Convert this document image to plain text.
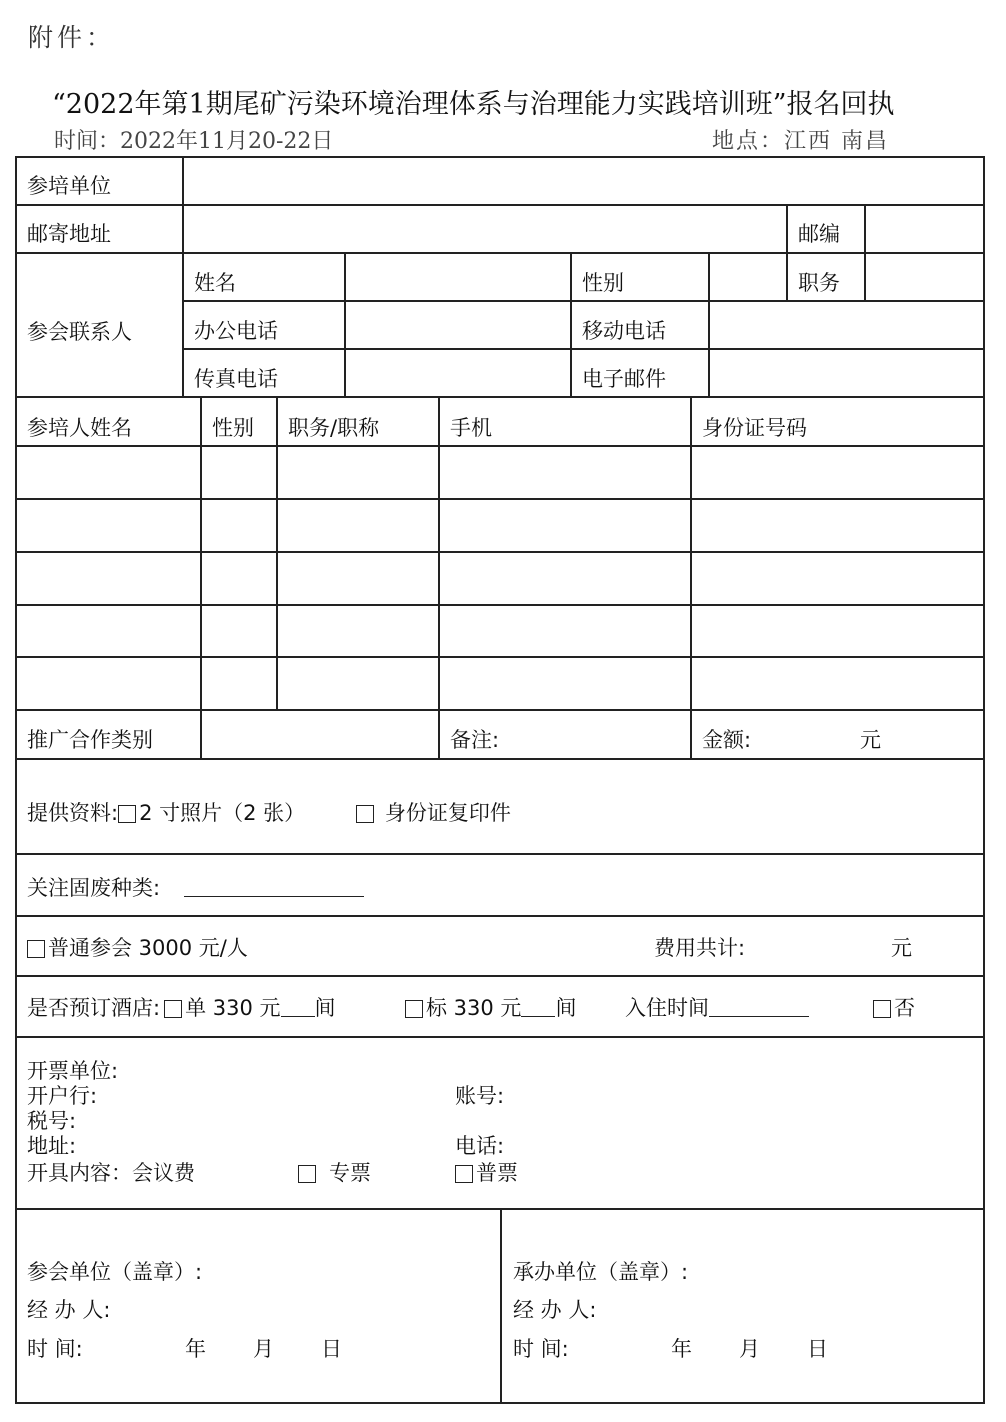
附件：
“2022年第1期尾矿污染环境治理体系与治理能力实践培训班”报名回执
时间：2022年11月20-22日	地点：江西 南昌
参培单位
邮寄地址	邮编
参会联系人
姓名	性别	职务
办公电话	移动电话
传真电话	电子邮件
参培人姓名	性别 职务/职称	手机	身份证号码
推广合作类别	备注:	金额:	元
提供资料: 2 寸照片（2 张）	身份证复印件
关注固废种类:
普通参会 3000 元/人	费用共计:	元
是否预订酒店: 单 330 元 间	标 330 元 间 入住时间	否
开票单位:
开户行:	账号:
税号:
地址:	电话:
开具内容：会议费	专票	普票
参会单位（盖章）:
经 办 人:
时 间:	年 月 日
承办单位（盖章）:
经 办 人:
时 间:	年 月 日
